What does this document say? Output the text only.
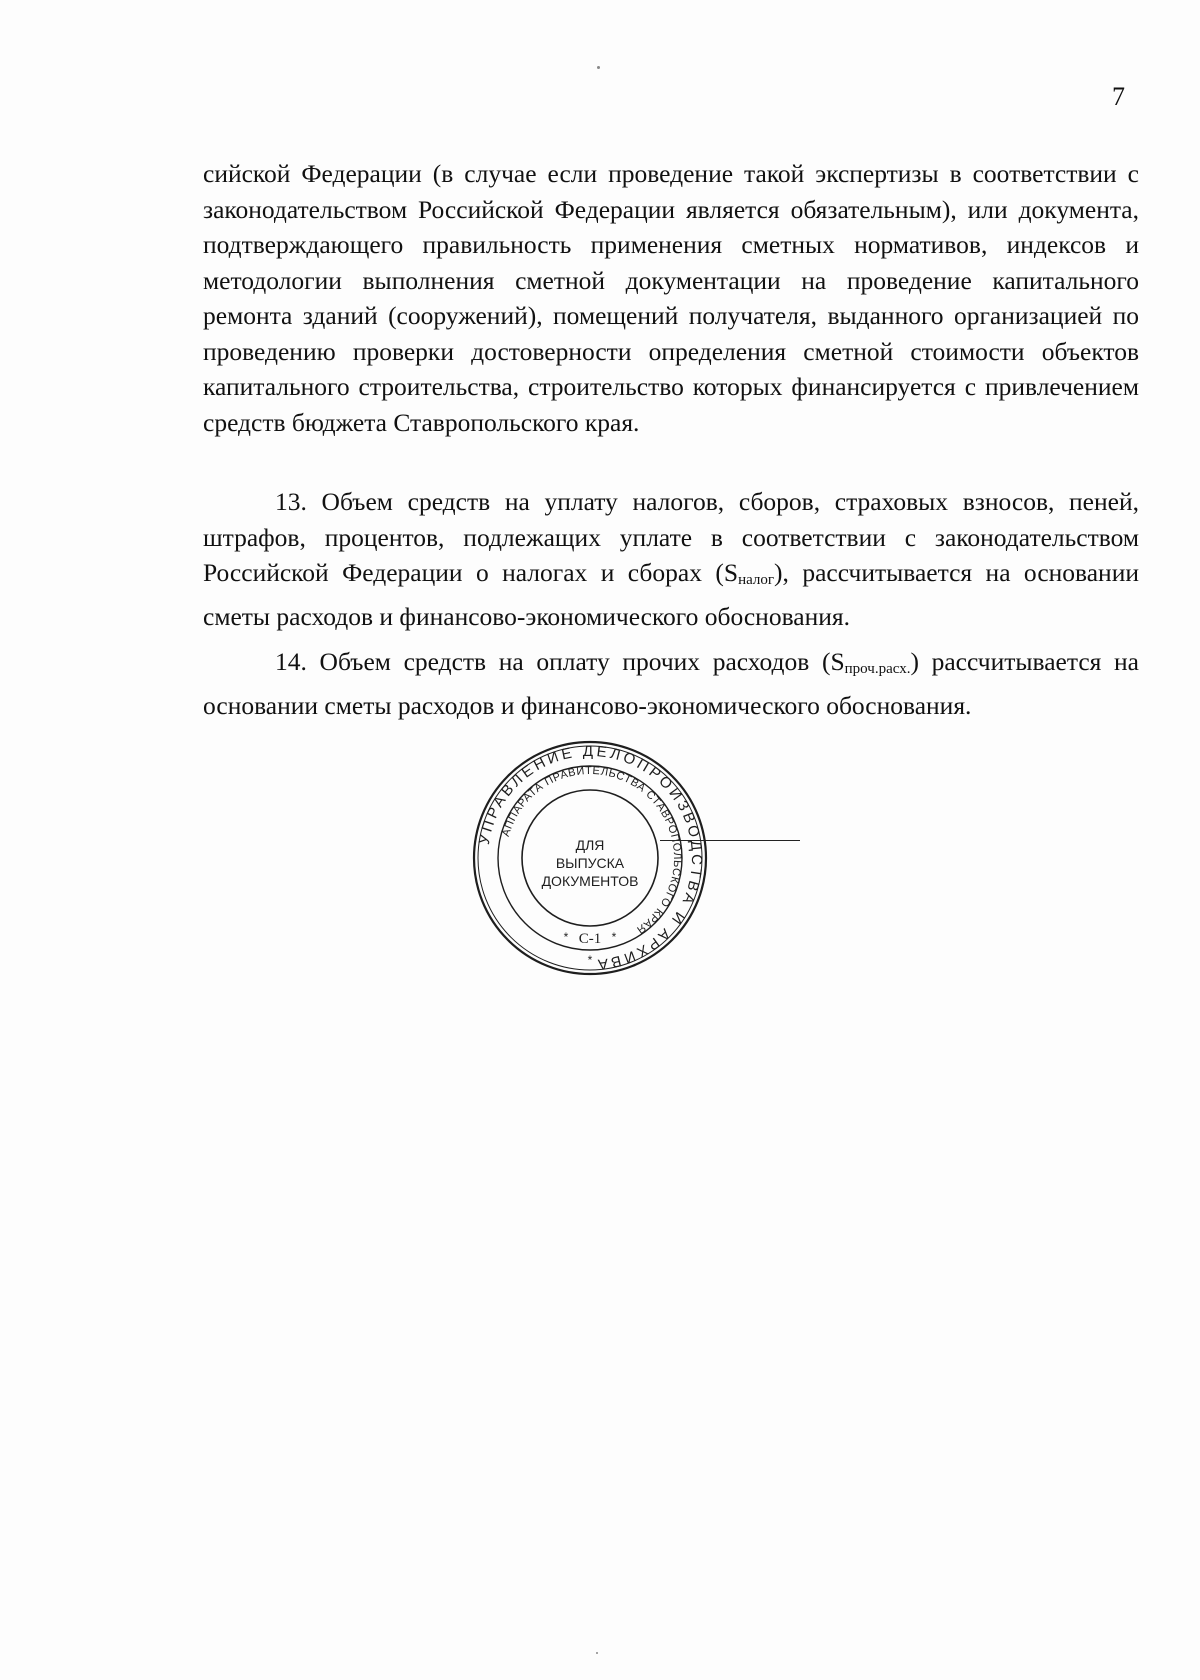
7

сийской Федерации (в случае если проведение такой экспертизы в соответствии с законодательством Российской Федерации является обязательным), или документа, подтверждающего правильность применения сметных нормативов, индексов и методологии выполнения сметной документации на проведение капитального ремонта зданий (сооружений), помещений получателя, выданного организацией по проведению проверки достоверности определения сметной стоимости объектов капитального строительства, строительство которых финансируется с привлечением средств бюджета Ставропольского края.

13. Объем средств на уплату налогов, сборов, страховых взносов, пеней, штрафов, процентов, подлежащих уплате в соответствии с законодательством Российской Федерации о налогах и сборах $(S_{налог})$, рассчитывается на основании сметы расходов и финансово-экономического обоснования.

14. Объем средств на оплату прочих расходов $(S_{проч.расх.})$ рассчитывается на основании сметы расходов и финансово-экономического обоснования.

УПРАВЛЕНИЕ ДЕЛОПРОИЗВОДСТВА И АРХИВА
АППАРАТА ПРАВИТЕЛЬСТВА СТАВРОПОЛЬСКОГО КРАЯ
ДЛЯ
ВЫПУСКА
ДОКУМЕНТОВ
С-1
*	*
*
